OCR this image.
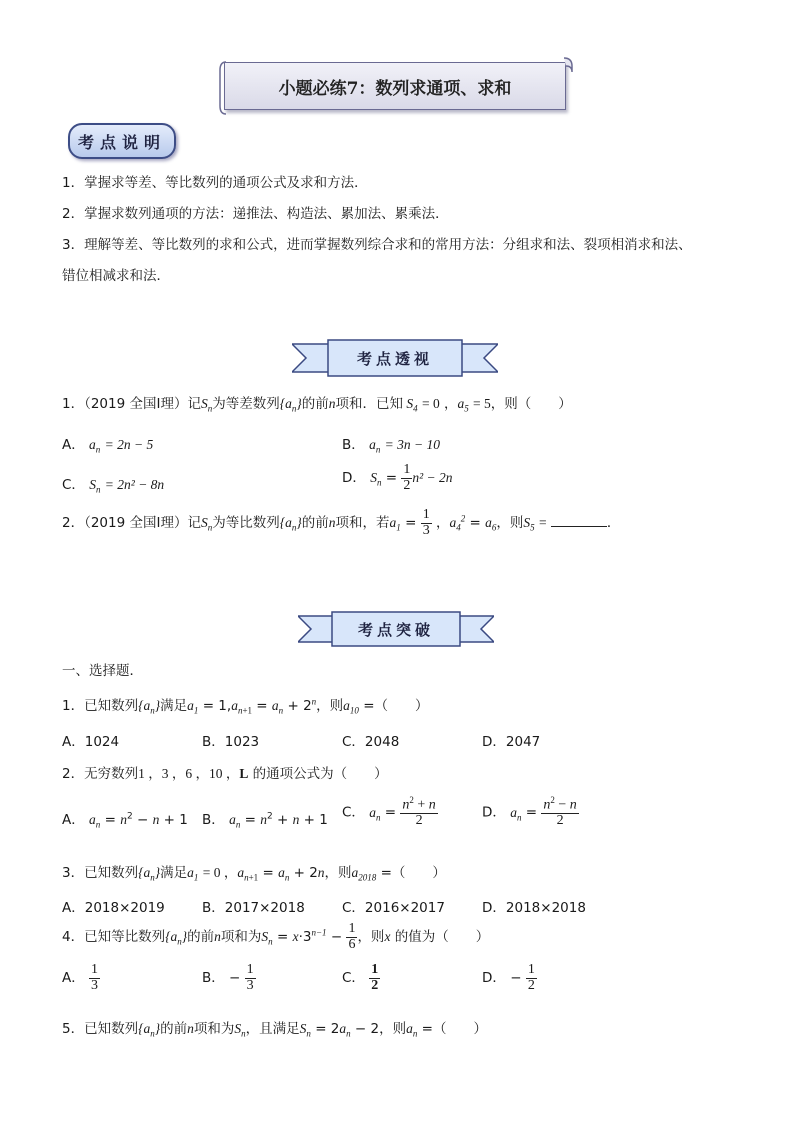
小题必练7：数列求通项、求和
考点说明
1．掌握求等差、等比数列的通项公式及求和方法．
2．掌握求数列通项的方法：递推法、构造法、累加法、累乘法．
3．理解等差、等比数列的求和公式，进而掌握数列综合求和的常用方法：分组求和法、裂项相消求和法、
错位相减求和法．
考点透视
1．（2019 全国Ⅰ理）记$S_n$为等差数列$\{a_n\}$的前n项和．已知 $S_4 = 0$ ，$a_5 = 5$，则（　　）
A． $a_n = 2n - 5$	B． $a_n = 3n - 10$
C． $S_n = 2n^2 - 8n$	D． $S_n = \frac{1}{2} n^2 - 2n$
2．（2019 全国Ⅰ理）记$S_n$为等比数列$\{a_n\}$的前n项和，若$a_1 = \frac{1}{3}$ ，$a_4^2 = a_6$，则$S_5$ =	．
考点突破
一、选择题．
1．已知数列$\{a_n\}$满足$a_1 = 1,a_{n+1} = a_n + 2^n$，则$a_{10}$ =（　　）
A．1024	B．1023	C．2048	D．2047
2．无穷数列1 ，3 ，6 ，10 ，L 的通项公式为（　　）
A． $a_n = n^2 - n + 1$ B． $a_n = n^2 + n + 1$ C． $a_n = \frac{n^2 + n}{2}$	D． $a_n = \frac{n^2 - n}{2}$
3．已知数列$\{a_n\}$满足$a_1 = 0$ ，$a_{n+1} = a_n + 2n$，则$a_{2018}$ =（　　）
A．2018×2019	B．2017×2018	C．2016×2017	D．2018×2018
4．已知等比数列$\{a_n\}$的前n项和为$S_n = x\cdot 3^{n-1} - \frac{1}{6}$ ，则x 的值为（　　）
A． $\frac{1}{3}$	B． − $\frac{1}{3}$	C． $\frac{1}{2}$	D． − $\frac{1}{2}$
5．已知数列$\{a_n\}$的前n项和为$S_n$，且满足$S_n = 2a_n - 2$，则$a_n$ =（　　）
